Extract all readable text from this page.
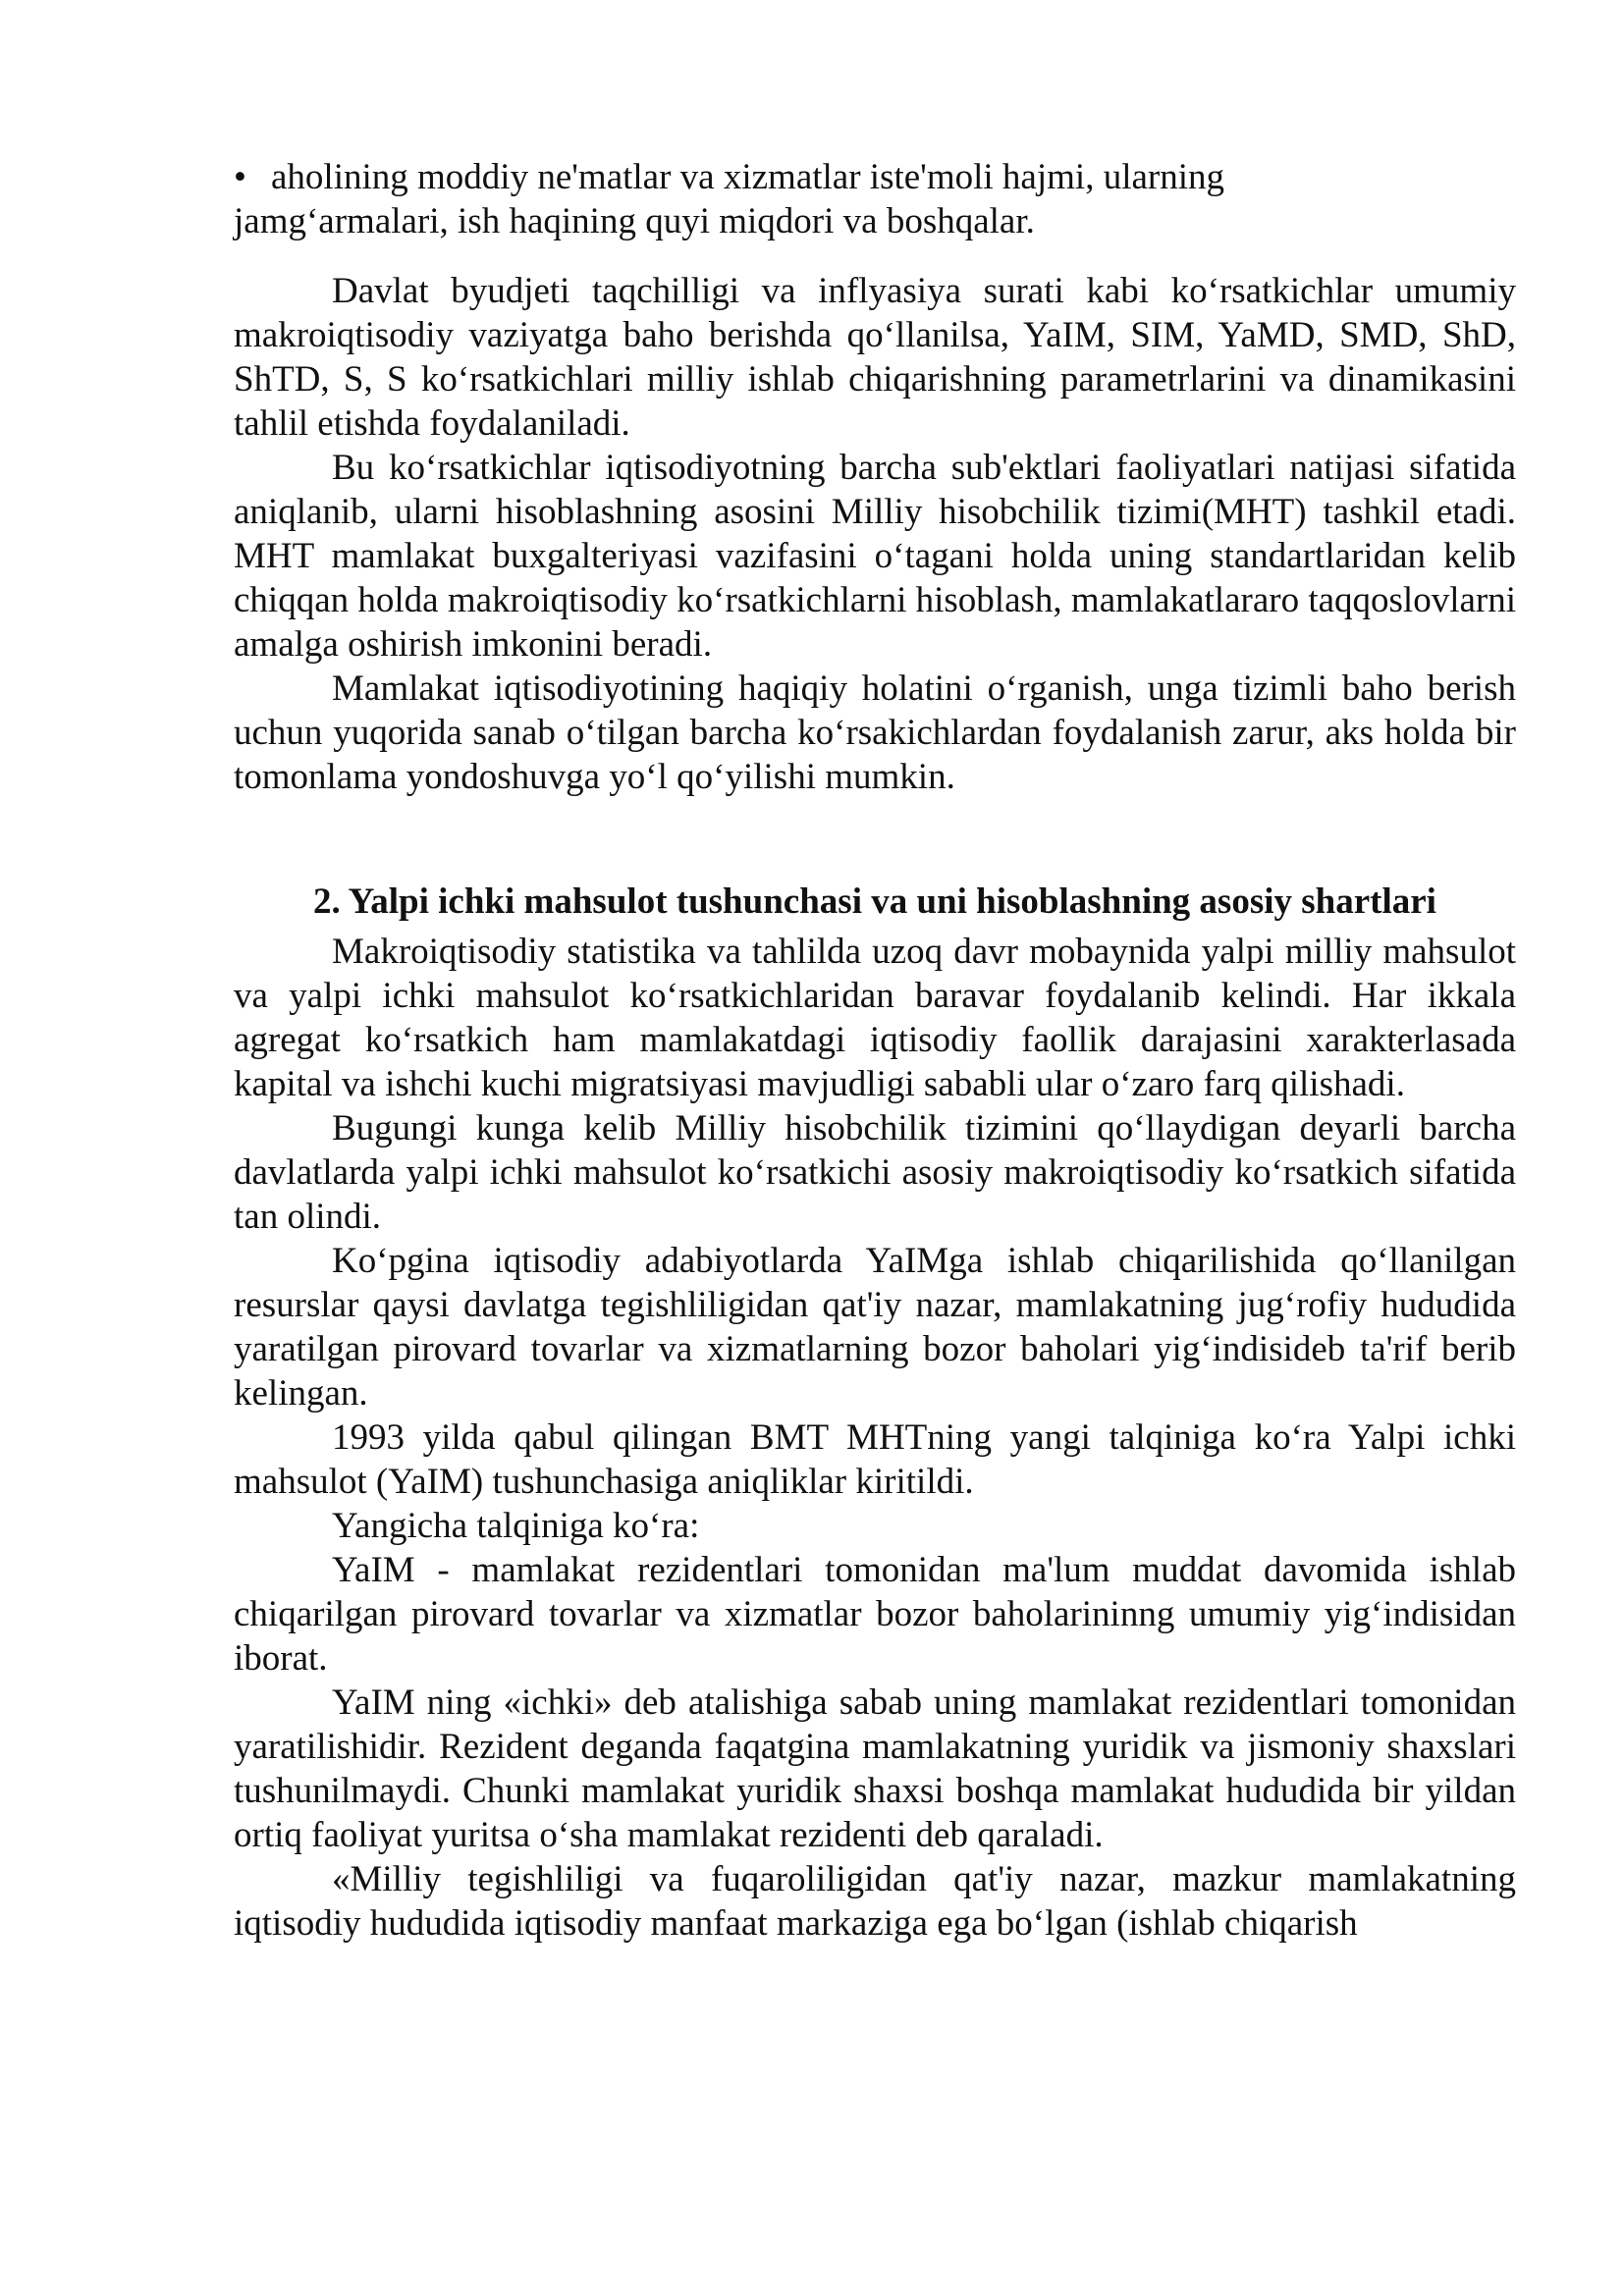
• aholining moddiy ne'matlar va xizmatlar iste'moli hajmi, ularning

jamg‘armalari, ish haqining quyi miqdori va boshqalar.

Davlat byudjeti taqchilligi va inflyasiya surati kabi ko‘rsatkichlar umumiy makroiqtisodiy vaziyatga baho berishda qo‘llanilsa, YaIM, SIM, YaMD, SMD, ShD, ShTD, S, S ko‘rsatkichlari milliy ishlab chiqarishning parametrlarini va dinamikasini tahlil etishda foydalaniladi.

Bu ko‘rsatkichlar iqtisodiyotning barcha sub'ektlari faoliyatlari natijasi sifatida aniqlanib, ularni hisoblashning asosini Milliy hisobchilik tizimi(MHT) tashkil etadi. MHT mamlakat buxgalteriyasi vazifasini o‘tagani holda uning standartlaridan kelib chiqqan holda makroiqtisodiy ko‘rsatkichlarni hisoblash, mamlakatlararo taqqoslovlarni amalga oshirish imkonini beradi.

Mamlakat iqtisodiyotining haqiqiy holatini o‘rganish, unga tizimli baho berish uchun yuqorida sanab o‘tilgan barcha ko‘rsakichlardan foydalanish zarur, aks holda bir tomonlama yondoshuvga yo‘l qo‘yilishi mumkin.

2. Yalpi ichki mahsulot tushunchasi va uni hisoblashning asosiy shartlari

Makroiqtisodiy statistika va tahlilda uzoq davr mobaynida yalpi milliy mahsulot va yalpi ichki mahsulot ko‘rsatkichlaridan baravar foydalanib kelindi. Har ikkala agregat ko‘rsatkich ham mamlakatdagi iqtisodiy faollik darajasini xarakterlasada kapital va ishchi kuchi migratsiyasi mavjudligi sababli ular o‘zaro farq qilishadi.

Bugungi kunga kelib Milliy hisobchilik tizimini qo‘llaydigan deyarli barcha davlatlarda yalpi ichki mahsulot ko‘rsatkichi asosiy makroiqtisodiy ko‘rsatkich sifatida tan olindi.

Ko‘pgina iqtisodiy adabiyotlarda YaIMga ishlab chiqarilishida qo‘llanilgan resurslar qaysi davlatga tegishliligidan qat'iy nazar, mamlakatning jug‘rofiy hududida yaratilgan pirovard tovarlar va xizmatlarning bozor baholari yig‘indisideb ta'rif berib kelingan.

1993 yilda qabul qilingan BMT MHTning yangi talqiniga ko‘ra Yalpi ichki mahsulot (YaIM) tushunchasiga aniqliklar kiritildi.

Yangicha talqiniga ko‘ra:

YaIM - mamlakat rezidentlari tomonidan ma'lum muddat davomida ishlab chiqarilgan pirovard tovarlar va xizmatlar bozor baholarininng umumiy yig‘indisidan iborat.

YaIM ning «ichki» deb atalishiga sabab uning mamlakat rezidentlari tomonidan yaratilishidir. Rezident deganda faqatgina mamlakatning yuridik va jismoniy shaxslari tushunilmaydi. Chunki mamlakat yuridik shaxsi boshqa mamlakat hududida bir yildan ortiq faoliyat yuritsa o‘sha mamlakat rezidenti deb qaraladi.

«Milliy tegishliligi va fuqaroliligidan qat'iy nazar, mazkur mamlakatning iqtisodiy hududida iqtisodiy manfaat markaziga ega bo‘lgan (ishlab chiqarish
